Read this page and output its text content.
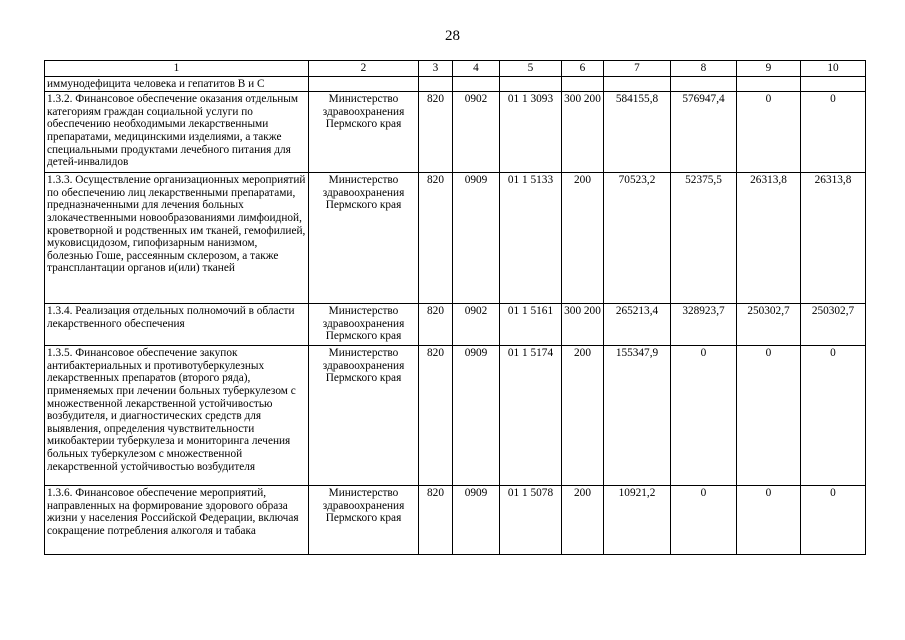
28
1	2	3	4	5	6	7	8	9	10
иммунодефицита человека и гепатитов В и С									
1.3.2. Финансовое обеспечение оказания отдельным категориям граждан социальной услуги по обеспечению необходимыми лекарственными препаратами, медицинскими изделиями, а также специальными продуктами лечебного питания для детей-инвалидов	Министерство здравоохранения Пермского края	820	0902	01 1 3093	300 200	584155,8	576947,4	0	0
1.3.3. Осуществление организационных мероприятий по обеспечению лиц лекарственными препаратами, предназначенными для лечения больных злокачественными новообразованиями лимфоидной, кроветворной и родственных им тканей, гемофилией, муковисцидозом, гипофизарным нанизмом, болезнью Гоше, рассеянным склерозом, а также трансплантации органов и(или) тканей	Министерство здравоохранения Пермского края	820	0909	01 1 5133	200	70523,2	52375,5	26313,8	26313,8
1.3.4. Реализация отдельных полномочий в области лекарственного обеспечения	Министерство здравоохранения Пермского края	820	0902	01 1 5161	300 200	265213,4	328923,7	250302,7	250302,7
1.3.5. Финансовое обеспечение закупок антибактериальных и противотуберкулезных лекарственных препаратов (второго ряда), применяемых при лечении больных туберкулезом с множественной лекарственной устойчивостью возбудителя, и диагностических средств для выявления, определения чувствительности микобактерии туберкулеза и мониторинга лечения больных туберкулезом с множественной лекарственной устойчивостью возбудителя	Министерство здравоохранения Пермского края	820	0909	01 1 5174	200	155347,9	0	0	0
1.3.6. Финансовое обеспечение мероприятий, направленных на формирование здорового образа жизни у населения Российской Федерации, включая сокращение потребления алкоголя и табака	Министерство здравоохранения Пермского края	820	0909	01 1 5078	200	10921,2	0	0	0
